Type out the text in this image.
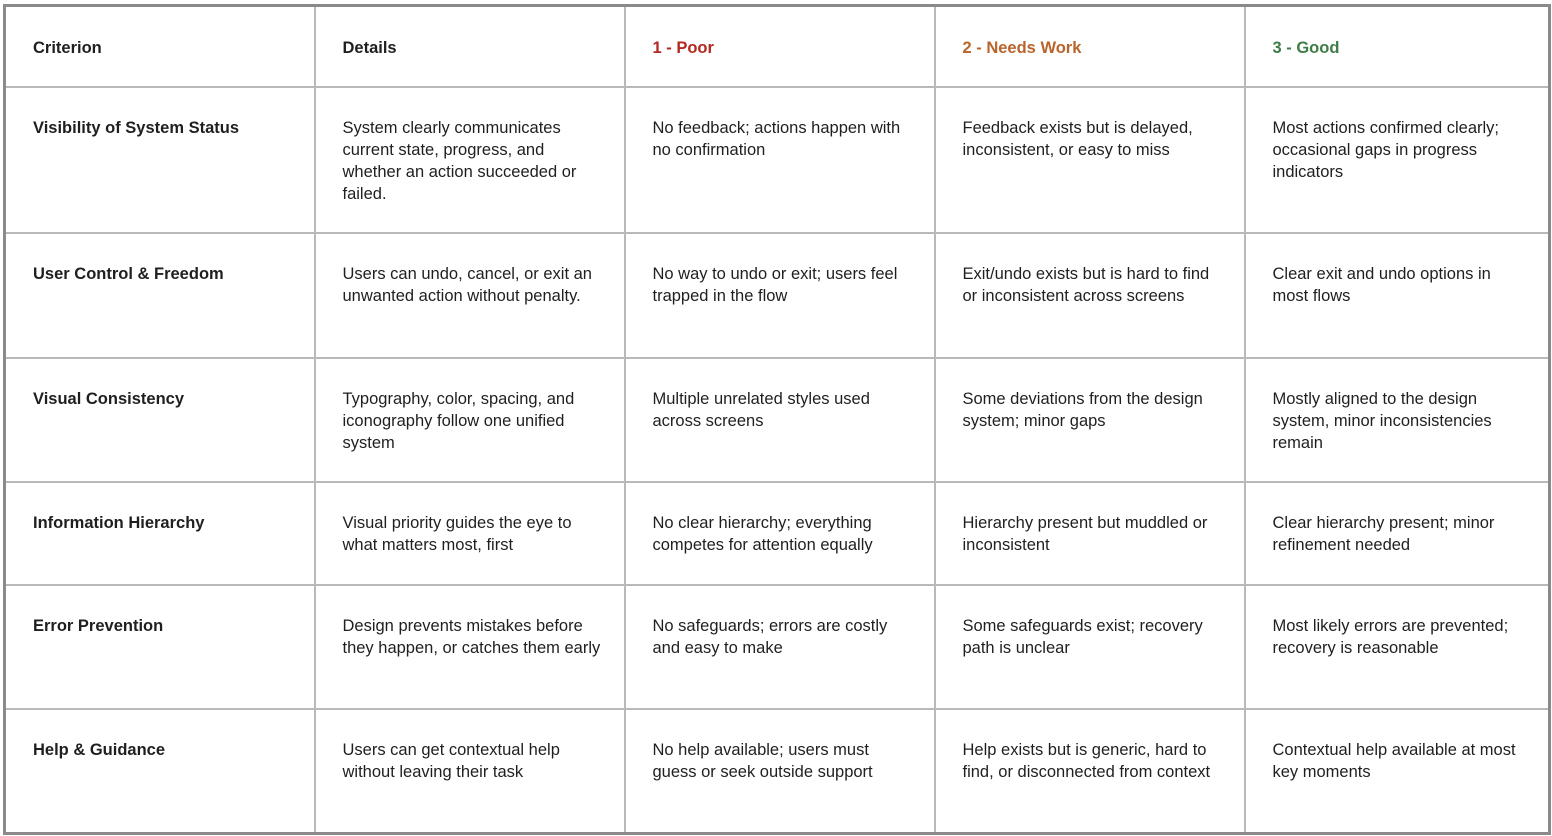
Criterion	Details	1 - Poor	2 - Needs Work	3 - Good
Visibility of System Status	System clearly communicates current state, progress, and whether an action succeeded or failed.	No feedback; actions happen with no confirmation	Feedback exists but is delayed, inconsistent, or easy to miss	Most actions confirmed clearly; occasional gaps in progress indicators
User Control & Freedom	Users can undo, cancel, or exit an unwanted action without penalty.	No way to undo or exit; users feel trapped in the flow	Exit/undo exists but is hard to find or inconsistent across screens	Clear exit and undo options in most flows
Visual Consistency	Typography, color, spacing, and iconography follow one unified system	Multiple unrelated styles used across screens	Some deviations from the design system; minor gaps	Mostly aligned to the design system, minor inconsistencies remain
Information Hierarchy	Visual priority guides the eye to what matters most, first	No clear hierarchy; everything competes for attention equally	Hierarchy present but muddled or inconsistent	Clear hierarchy present; minor refinement needed
Error Prevention	Design prevents mistakes before they happen, or catches them early	No safeguards; errors are costly and easy to make	Some safeguards exist; recovery path is unclear	Most likely errors are prevented; recovery is reasonable
Help & Guidance	Users can get contextual help without leaving their task	No help available; users must guess or seek outside support	Help exists but is generic, hard to find, or disconnected from context	Contextual help available at most key moments
